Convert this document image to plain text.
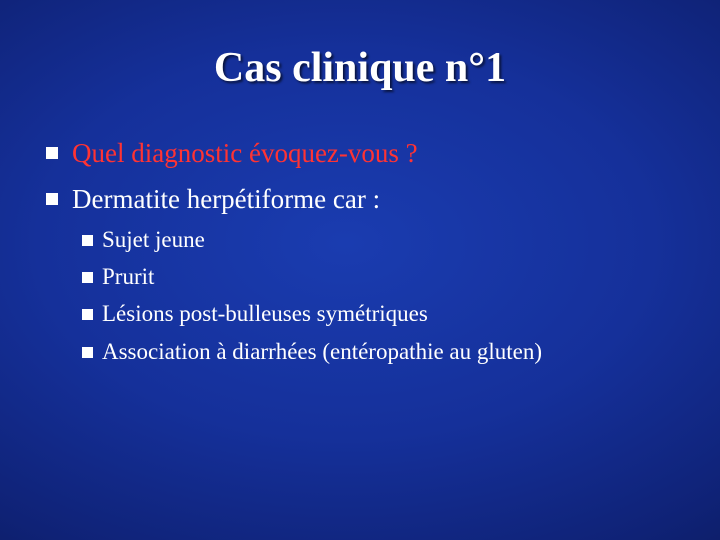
Cas clinique n°1
Quel diagnostic évoquez-vous ?
Dermatite herpétiforme car :
Sujet jeune
Prurit
Lésions post-bulleuses symétriques
Association à diarrhées (entéropathie au gluten)
